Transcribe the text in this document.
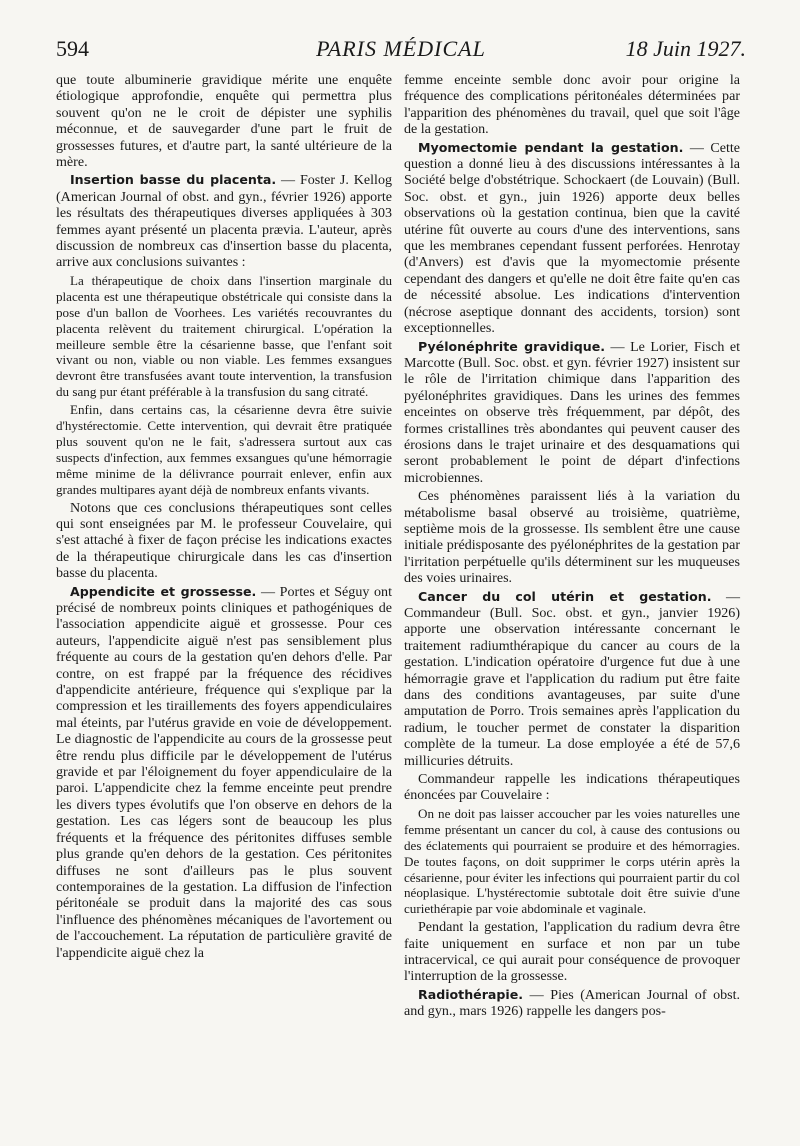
594	PARIS MÉDICAL	18 Juin 1927.

que toute albuminerie gravidique mérite une enquête étiologique approfondie, enquête qui permettra plus souvent qu'on ne le croit de dépister une syphilis méconnue, et de sauvegarder d'une part le fruit de grossesses futures, et d'autre part, la santé ultérieure de la mère.

Insertion basse du placenta. — Foster J. Kellog (American Journal of obst. and gyn., février 1926) apporte les résultats des thérapeutiques diverses appliquées à 303 femmes ayant présenté un placenta prævia. L'auteur, après discussion de nombreux cas d'insertion basse du placenta, arrive aux conclusions suivantes :

La thérapeutique de choix dans l'insertion marginale du placenta est une thérapeutique obstétricale qui consiste dans la pose d'un ballon de Voorhees. Les variétés recouvrantes du placenta relèvent du traitement chirurgical. L'opération la meilleure semble être la césarienne basse, que l'enfant soit vivant ou non, viable ou non viable. Les femmes exsangues devront être transfusées avant toute intervention, la transfusion du sang pur étant préférable à la transfusion du sang citraté.

Enfin, dans certains cas, la césarienne devra être suivie d'hystérectomie. Cette intervention, qui devrait être pratiquée plus souvent qu'on ne le fait, s'adressera surtout aux cas suspects d'infection, aux femmes exsangues qu'une hémorragie même minime de la délivrance pourrait enlever, enfin aux grandes multipares ayant déjà de nombreux enfants vivants.

Notons que ces conclusions thérapeutiques sont celles qui sont enseignées par M. le professeur Couvelaire, qui s'est attaché à fixer de façon précise les indications exactes de la thérapeutique chirurgicale dans les cas d'insertion basse du placenta.

Appendicite et grossesse. — Portes et Séguy ont précisé de nombreux points cliniques et pathogéniques de l'association appendicite aiguë et grossesse. Pour ces auteurs, l'appendicite aiguë n'est pas sensiblement plus fréquente au cours de la gestation qu'en dehors d'elle. Par contre, on est frappé par la fréquence des récidives d'appendicite antérieure, fréquence qui s'explique par la compression et les tiraillements des foyers appendiculaires mal éteints, par l'utérus gravide en voie de développement. Le diagnostic de l'appendicite au cours de la grossesse peut être rendu plus difficile par le développement de l'utérus gravide et par l'éloignement du foyer appendiculaire de la paroi. L'appendicite chez la femme enceinte peut prendre les divers types évolutifs que l'on observe en dehors de la gestation. Les cas légers sont de beaucoup les plus fréquents et la fréquence des péritonites diffuses semble plus grande qu'en dehors de la gestation. Ces péritonites diffuses ne sont d'ailleurs pas le plus souvent contemporaines de la gestation. La diffusion de l'infection péritonéale se produit dans la majorité des cas sous l'influence des phénomènes mécaniques de l'avortement ou de l'accouchement. La réputation de particulière gravité de l'appendicite aiguë chez la

femme enceinte semble donc avoir pour origine la fréquence des complications péritonéales déterminées par l'apparition des phénomènes du travail, quel que soit l'âge de la gestation.

Myomectomie pendant la gestation. — Cette question a donné lieu à des discussions intéressantes à la Société belge d'obstétrique. Schockaert (de Louvain) (Bull. Soc. obst. et gyn., juin 1926) apporte deux belles observations où la gestation continua, bien que la cavité utérine fût ouverte au cours d'une des interventions, sans que les membranes cependant fussent perforées. Henrotay (d'Anvers) est d'avis que la myomectomie présente cependant des dangers et qu'elle ne doit être faite qu'en cas de nécessité absolue. Les indications d'intervention (nécrose aseptique donnant des accidents, torsion) sont exceptionnelles.

Pyélonéphrite gravidique. — Le Lorier, Fisch et Marcotte (Bull. Soc. obst. et gyn. février 1927) insistent sur le rôle de l'irritation chimique dans l'apparition des pyélonéphrites gravidiques. Dans les urines des femmes enceintes on observe très fréquemment, par dépôt, des formes cristallines très abondantes qui peuvent causer des érosions dans le trajet urinaire et des desquamations qui seront probablement le point de départ d'infections microbiennes.

Ces phénomènes paraissent liés à la variation du métabolisme basal observé au troisième, quatrième, septième mois de la grossesse. Ils semblent être une cause initiale prédisposante des pyélonéphrites de la gestation par l'irritation perpétuelle qu'ils déterminent sur les muqueuses des voies urinaires.

Cancer du col utérin et gestation. — Commandeur (Bull. Soc. obst. et gyn., janvier 1926) apporte une observation intéressante concernant le traitement radiumthérapique du cancer au cours de la gestation. L'indication opératoire d'urgence fut due à une hémorragie grave et l'application du radium put être faite dans des conditions avantageuses, par suite d'une amputation de Porro. Trois semaines après l'application du radium, le toucher permet de constater la disparition complète de la tumeur. La dose employée a été de 57,6 millicuries détruits.

Commandeur rappelle les indications thérapeutiques énoncées par Couvelaire :

On ne doit pas laisser accoucher par les voies naturelles une femme présentant un cancer du col, à cause des contusions ou des éclatements qui pourraient se produire et des hémorragies. De toutes façons, on doit supprimer le corps utérin après la césarienne, pour éviter les infections qui pourraient partir du col néoplasique. L'hystérectomie subtotale doit être suivie d'une curiethérapie par voie abdominale et vaginale.

Pendant la gestation, l'application du radium devra être faite uniquement en surface et non par un tube intracervical, ce qui aurait pour conséquence de provoquer l'interruption de la grossesse.

Radiothérapie. — Pies (American Journal of obst. and gyn., mars 1926) rappelle les dangers pos-
